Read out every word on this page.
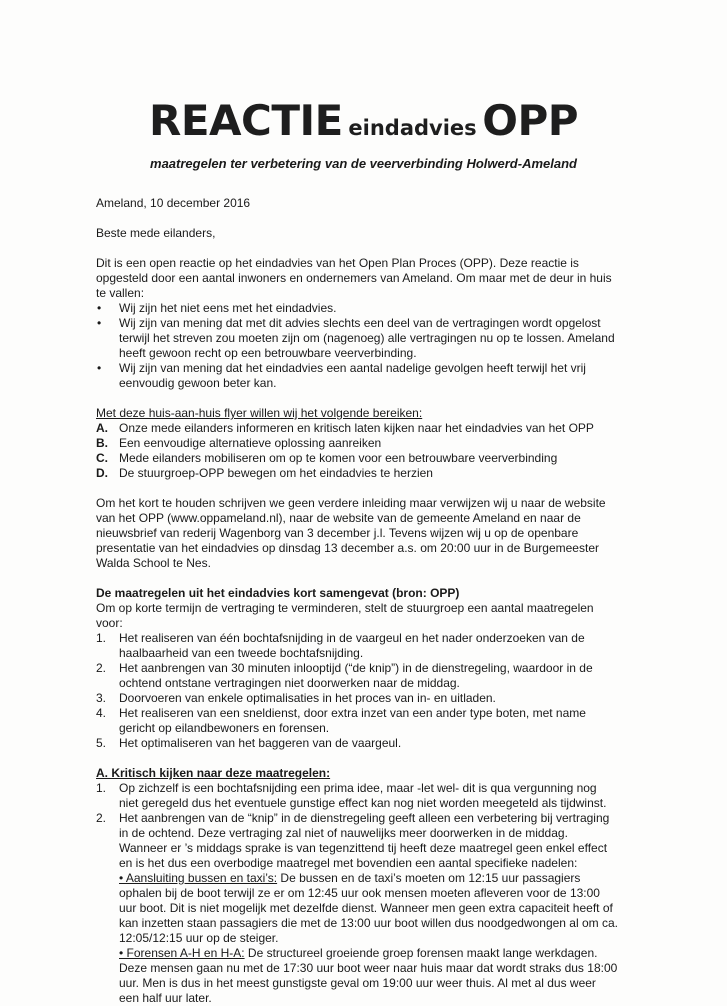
REACTIE eindadvies OPP
maatregelen ter verbetering van de veerverbinding Holwerd-Ameland

Ameland, 10 december 2016

Beste mede eilanders,

Dit is een open reactie op het eindadvies van het Open Plan Proces (OPP). Deze reactie is opgesteld door een aantal inwoners en ondernemers van Ameland. Om maar met de deur in huis te vallen:

• Wij zijn het niet eens met het eindadvies.
• Wij zijn van mening dat met dit advies slechts een deel van de vertragingen wordt opgelost terwijl het streven zou moeten zijn om (nagenoeg) alle vertragingen nu op te lossen. Ameland heeft gewoon recht op een betrouwbare veerverbinding.
• Wij zijn van mening dat het eindadvies een aantal nadelige gevolgen heeft terwijl het vrij eenvoudig gewoon beter kan.

Met deze huis-aan-huis flyer willen wij het volgende bereiken:

A. Onze mede eilanders informeren en kritisch laten kijken naar het eindadvies van het OPP
B. Een eenvoudige alternatieve oplossing aanreiken
C. Mede eilanders mobiliseren om op te komen voor een betrouwbare veerverbinding
D. De stuurgroep-OPP bewegen om het eindadvies te herzien

Om het kort te houden schrijven we geen verdere inleiding maar verwijzen wij u naar de website van het OPP (www.oppameland.nl), naar de website van de gemeente Ameland en naar de nieuwsbrief van rederij Wagenborg van 3 december j.l. Tevens wijzen wij u op de openbare presentatie van het eindadvies op dinsdag 13 december a.s. om 20:00 uur in de Burgemeester Walda School te Nes.

De maatregelen uit het eindadvies kort samengevat (bron: OPP)

Om op korte termijn de vertraging te verminderen, stelt de stuurgroep een aantal maatregelen voor:

1. Het realiseren van één bochtafsnijding in de vaargeul en het nader onderzoeken van de haalbaarheid van een tweede bochtafsnijding.
2. Het aanbrengen van 30 minuten inlooptijd (“de knip”) in de dienstregeling, waardoor in de ochtend ontstane vertragingen niet doorwerken naar de middag.
3. Doorvoeren van enkele optimalisaties in het proces van in- en uitladen.
4. Het realiseren van een sneldienst, door extra inzet van een ander type boten, met name gericht op eilandbewoners en forensen.
5. Het optimaliseren van het baggeren van de vaargeul.

A. Kritisch kijken naar deze maatregelen:

1. Op zichzelf is een bochtafsnijding een prima idee, maar -let wel- dit is qua vergunning nog niet geregeld dus het eventuele gunstige effect kan nog niet worden meegeteld als tijdwinst.
2. Het aanbrengen van de “knip” in de dienstregeling geeft alleen een verbetering bij vertraging in de ochtend. Deze vertraging zal niet of nauwelijks meer doorwerken in de middag. Wanneer er ’s middags sprake is van tegenzittend tij heeft deze maatregel geen enkel effect en is het dus een overbodige maatregel met bovendien een aantal specifieke nadelen:
• Aansluiting bussen en taxi’s: De bussen en de taxi’s moeten om 12:15 uur passagiers ophalen bij de boot terwijl ze er om 12:45 uur ook mensen moeten afleveren voor de 13:00 uur boot. Dit is niet mogelijk met dezelfde dienst. Wanneer men geen extra capaciteit heeft of kan inzetten staan passagiers die met de 13:00 uur boot willen dus noodgedwongen al om ca. 12:05/12:15 uur op de steiger.
• Forensen A-H en H-A: De structureel groeiende groep forensen maakt lange werkdagen. Deze mensen gaan nu met de 17:30 uur boot weer naar huis maar dat wordt straks dus 18:00 uur. Men is dus in het meest gunstigste geval om 19:00 uur weer thuis. Al met al dus weer een half uur later.
